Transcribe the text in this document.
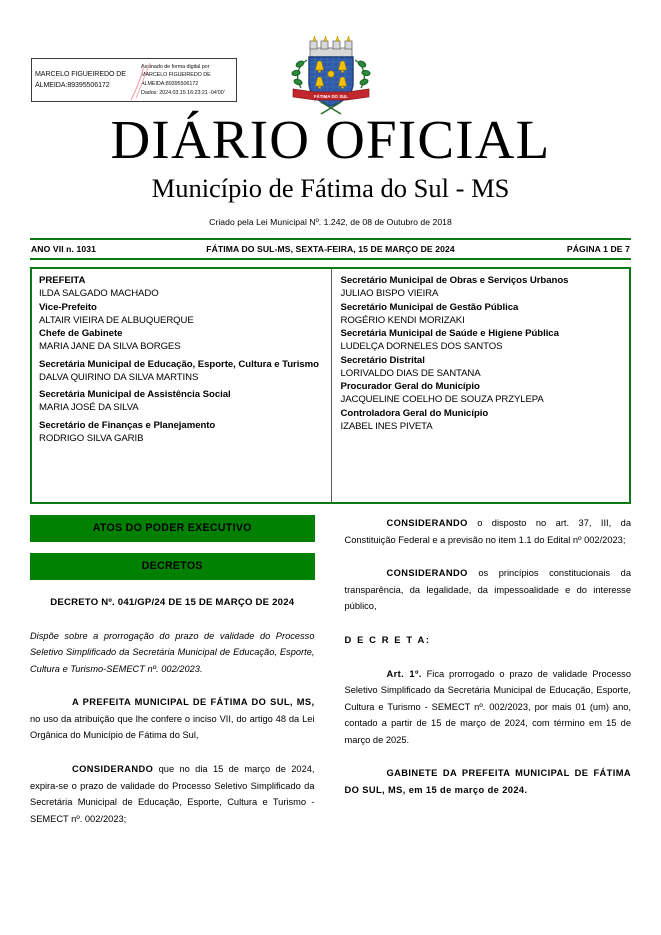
MARCELO FIGUEIREDO DE
ALMEIDA:89395506172
Assinado de forma digital por
MARCELO FIGUEIREDO DE
ALMEIDA:89395506172
Dados: 2024.03.15 16:23:21 -04'00'
FÁTIMA DO SUL
DIÁRIO OFICIAL
Município de Fátima do Sul - MS
Criado pela Lei Municipal Nº. 1.242, de 08 de Outubro de 2018
ANO VII n. 1031	FÁTIMA DO SUL-MS, SEXTA-FEIRA, 15 DE MARÇO DE 2024	PÁGINA 1 DE 7
PREFEITA
ILDA SALGADO MACHADO
Vice-Prefeito
ALTAIR VIEIRA DE ALBUQUERQUE
Chefe de Gabinete
MARIA JANE DA SILVA BORGES
Secretária Municipal de Educação, Esporte, Cultura e Turismo
DALVA QUIRINO DA SILVA MARTINS
Secretária Municipal de Assistência Social
MARIA JOSÉ DA SILVA
Secretário de Finanças e Planejamento
RODRIGO SILVA GARIB
Secretário Municipal de Obras e Serviços Urbanos
JULIAO BISPO VIEIRA
Secretário Municipal de Gestão Pública
ROGÉRIO KENDI MORIZAKI
Secretária Municipal de Saúde e Higiene Pública
LUDELÇA DORNELES DOS SANTOS
Secretário Distrital
LORIVALDO DIAS DE SANTANA
Procurador Geral do Município
JACQUELINE COELHO DE SOUZA PRZYLEPA
Controladora Geral do Município
IZABEL INES PIVETA
ATOS DO PODER EXECUTIVO
DECRETOS
DECRETO Nº. 041/GP/24 DE 15 DE MARÇO DE 2024
Dispõe sobre a prorrogação do prazo de validade do Processo Seletivo Simplificado da Secretária Municipal de Educação, Esporte, Cultura e Turismo-SEMECT nº. 002/2023.
A PREFEITA MUNICIPAL DE FÁTIMA DO SUL, MS, no uso da atribuição que lhe confere o inciso VII, do artigo 48 da Lei Orgânica do Município de Fátima do Sul,
CONSIDERANDO que no dia 15 de março de 2024, expira-se o prazo de validade do Processo Seletivo Simplificado da Secretária Municipal de Educação, Esporte, Cultura e Turismo - SEMECT nº. 002/2023;
CONSIDERANDO o disposto no art. 37, III, da Constituição Federal e a previsão no item 1.1 do Edital nº 002/2023;
CONSIDERANDO os princípios constitucionais da transparência, da legalidade, da impessoalidade e do interesse público,
D E C R E T A:
Art. 1º. Fica prorrogado o prazo de validade Processo Seletivo Simplificado da Secretária Municipal de Educação, Esporte, Cultura e Turismo - SEMECT nº. 002/2023, por mais 01 (um) ano, contado a partir de 15 de março de 2024, com término em 15 de março de 2025.
GABINETE DA PREFEITA MUNICIPAL DE FÁTIMA DO SUL, MS, em 15 de março de 2024.
